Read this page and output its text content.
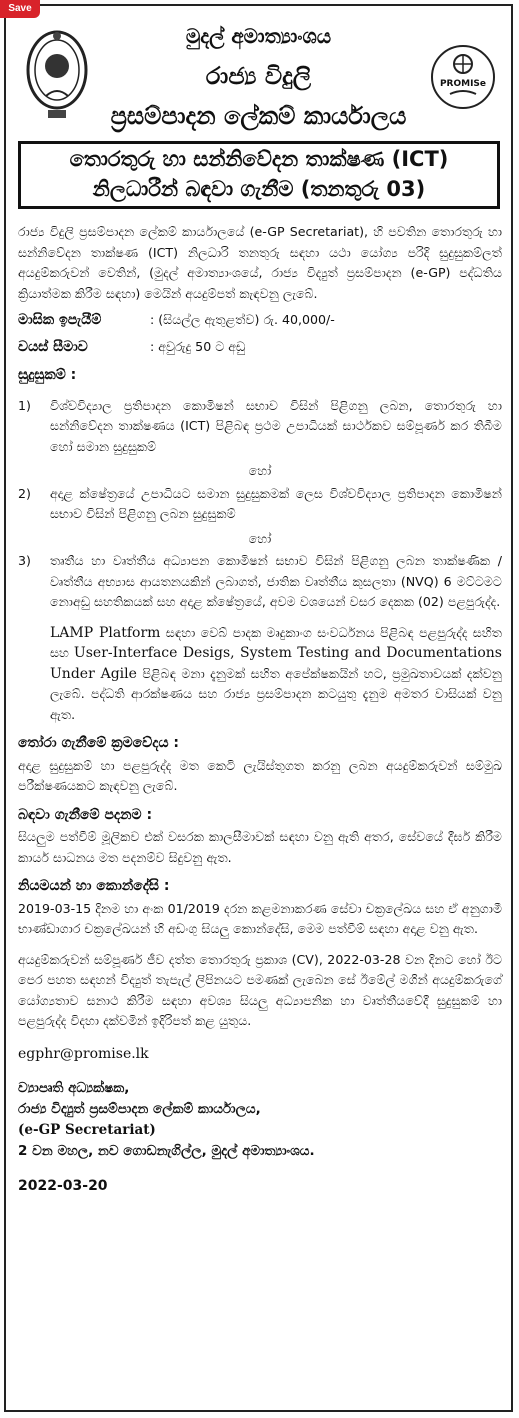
Save
මුදල් අමාත්‍යාංශය
රාජ්‍ය විදුලි
ප්‍රසම්පාදන ලේකම් කාර්යාලය
PROMISe
තොරතුරු හා සන්නිවේදන තාක්ෂණ (ICT)
නිලධාරීන් බඳවා ගැනීම (තනතුරු 03)

රාජ්‍ය විදුලි ප්‍රසම්පාදන ලේකම් කාර්යාලයේ (e-GP Secretariat), හි පවතින තොරතුරු හා සන්නිවේදන තාක්ෂණ (ICT) නිලධාරි තනතුරු සඳහා යථා යෝග්‍ය පරිදි සුදුසුකම්ලත් අයදුම්කරුවන් වෙතින්, (මුදල් අමාත්‍යාංශයේ, රාජ්‍ය විද්‍යුත් ප්‍රසම්පාදන (e-GP) පද්ධතිය ක්‍රියාත්මක කිරීම සඳහා) මෙයින් අයදුම්පත් කැඳවනු ලැබේ.

මාසික ඉපැයීම්	: (සියල්ල ඇතුළත්ව) රු. 40,000/-
වයස් සීමාව	: අවුරුදු 50 ට අඩු
සුදුසුකම් :
1)	විශ්වවිද්‍යාල ප්‍රතිපාදන කොමිෂන් සභාව විසින් පිළිගනු ලබන, තොරතුරු හා සන්නිවේදන තාක්ෂණය (ICT) පිළිබඳ ප්‍රථම උපාධියක් සාර්ථකව සම්පූර්ණ කර තිබීම හෝ සමාන සුදුසුකම්
හෝ
2)	අදාළ ක්ෂේත්‍රයේ උපාධියට සමාන සුදුසුකමක් ලෙස විශ්වවිද්‍යාල ප්‍රතිපාදන කොමිෂන් සභාව විසින් පිළිගනු ලබන සුදුසුකම්
හෝ
3)	තෘතීය හා වෘත්තීය අධ්‍යාපන කොමිෂන් සභාව විසින් පිළිගනු ලබන තාක්ෂණික / වෘත්තීය අභ්‍යාස ආයතනයකින් ලබාගත්, ජාතික වෘත්තීය කුසලතා (NVQ) 6 මට්ටමට නොඅඩු සහතිකයක් සහ අදාළ ක්ෂේත්‍රයේ, අවම වශයෙන් වසර දෙකක (02) පළපුරුද්ද.

LAMP Platform සඳහා වෙබ් පාදක මෘදුකාංග සංවර්ධනය පිළිබඳ පළපුරුද්ද සහිත සහ User-Interface Desigs, System Testing and Documentations Under Agile පිළිබඳ මනා දැනුමක් සහිත අපේක්ෂකයින් හට, ප්‍රමුඛතාවයක් දක්වනු ලැබේ. පද්ධති ආරක්ෂණය සහ රාජ්‍ය ප්‍රසම්පාදන කටයුතු දැනුම අමතර වාසියක් වනු ඇත.

තෝරා ගැනීමේ ක්‍රමවේදය :

අදාළ සුදුසුකම් හා පළපුරුද්ද මත කෙටි ලැයිස්තුගත කරනු ලබන අයදුම්කරුවන් සම්මුඛ පරීක්ෂණයකට කැඳවනු ලැබේ.

බඳවා ගැනීමේ පදනම :

සියලුම පත්වීම් මූලිකව එක් වසරක කාලසීමාවක් සඳහා වනු ඇති අතර, සේවයේ දීර්ඝ කිරීම කාර්ය සාධනය මත පදනම්ව සිදුවනු ඇත.

නියමයන් හා කොන්දේසි :

2019-03-15 දිනම හා අංක 01/2019 දරන කළමනාකරණ සේවා චක්‍රලේඛය සහ ඒ අනුගාමී භාණ්ඩාගාර චක්‍රලේඛයන් හි අඩංගු සියලු කොන්දේසි, මෙම පත්වීම් සඳහා අදාළ වනු ඇත.

අයදුම්කරුවන් සම්පූර්ණ ජීව දත්ත තොරතුරු ප්‍රකාශ (CV), 2022-03-28 වන දිනට හෝ ඊට පෙර පහත සඳහන් විද්‍යුත් තැපැල් ලිපිනයට පමණක් ලැබෙන සේ ඊමේල් මගින් අයදුම්කරුගේ යෝග්‍යතාව සනාථ කිරීම සඳහා අවශ්‍ය සියලු අධ්‍යාපනික හා වෘත්තීයවේදී සුදුසුකම් හා පළපුරුද්ද විදහා දක්වමින් ඉදිරිපත් කළ යුතුය.

egphr@promise.lk
ව්‍යාපෘති අධ්‍යක්ෂක,
රාජ්‍ය විද්‍යුත් ප්‍රසම්පාදන ලේකම් කාර්යාලය,
(e-GP Secretariat)
2 වන මහල, නව ගොඩනැගිල්ල, මුදල් අමාත්‍යාංශය.
2022-03-20
